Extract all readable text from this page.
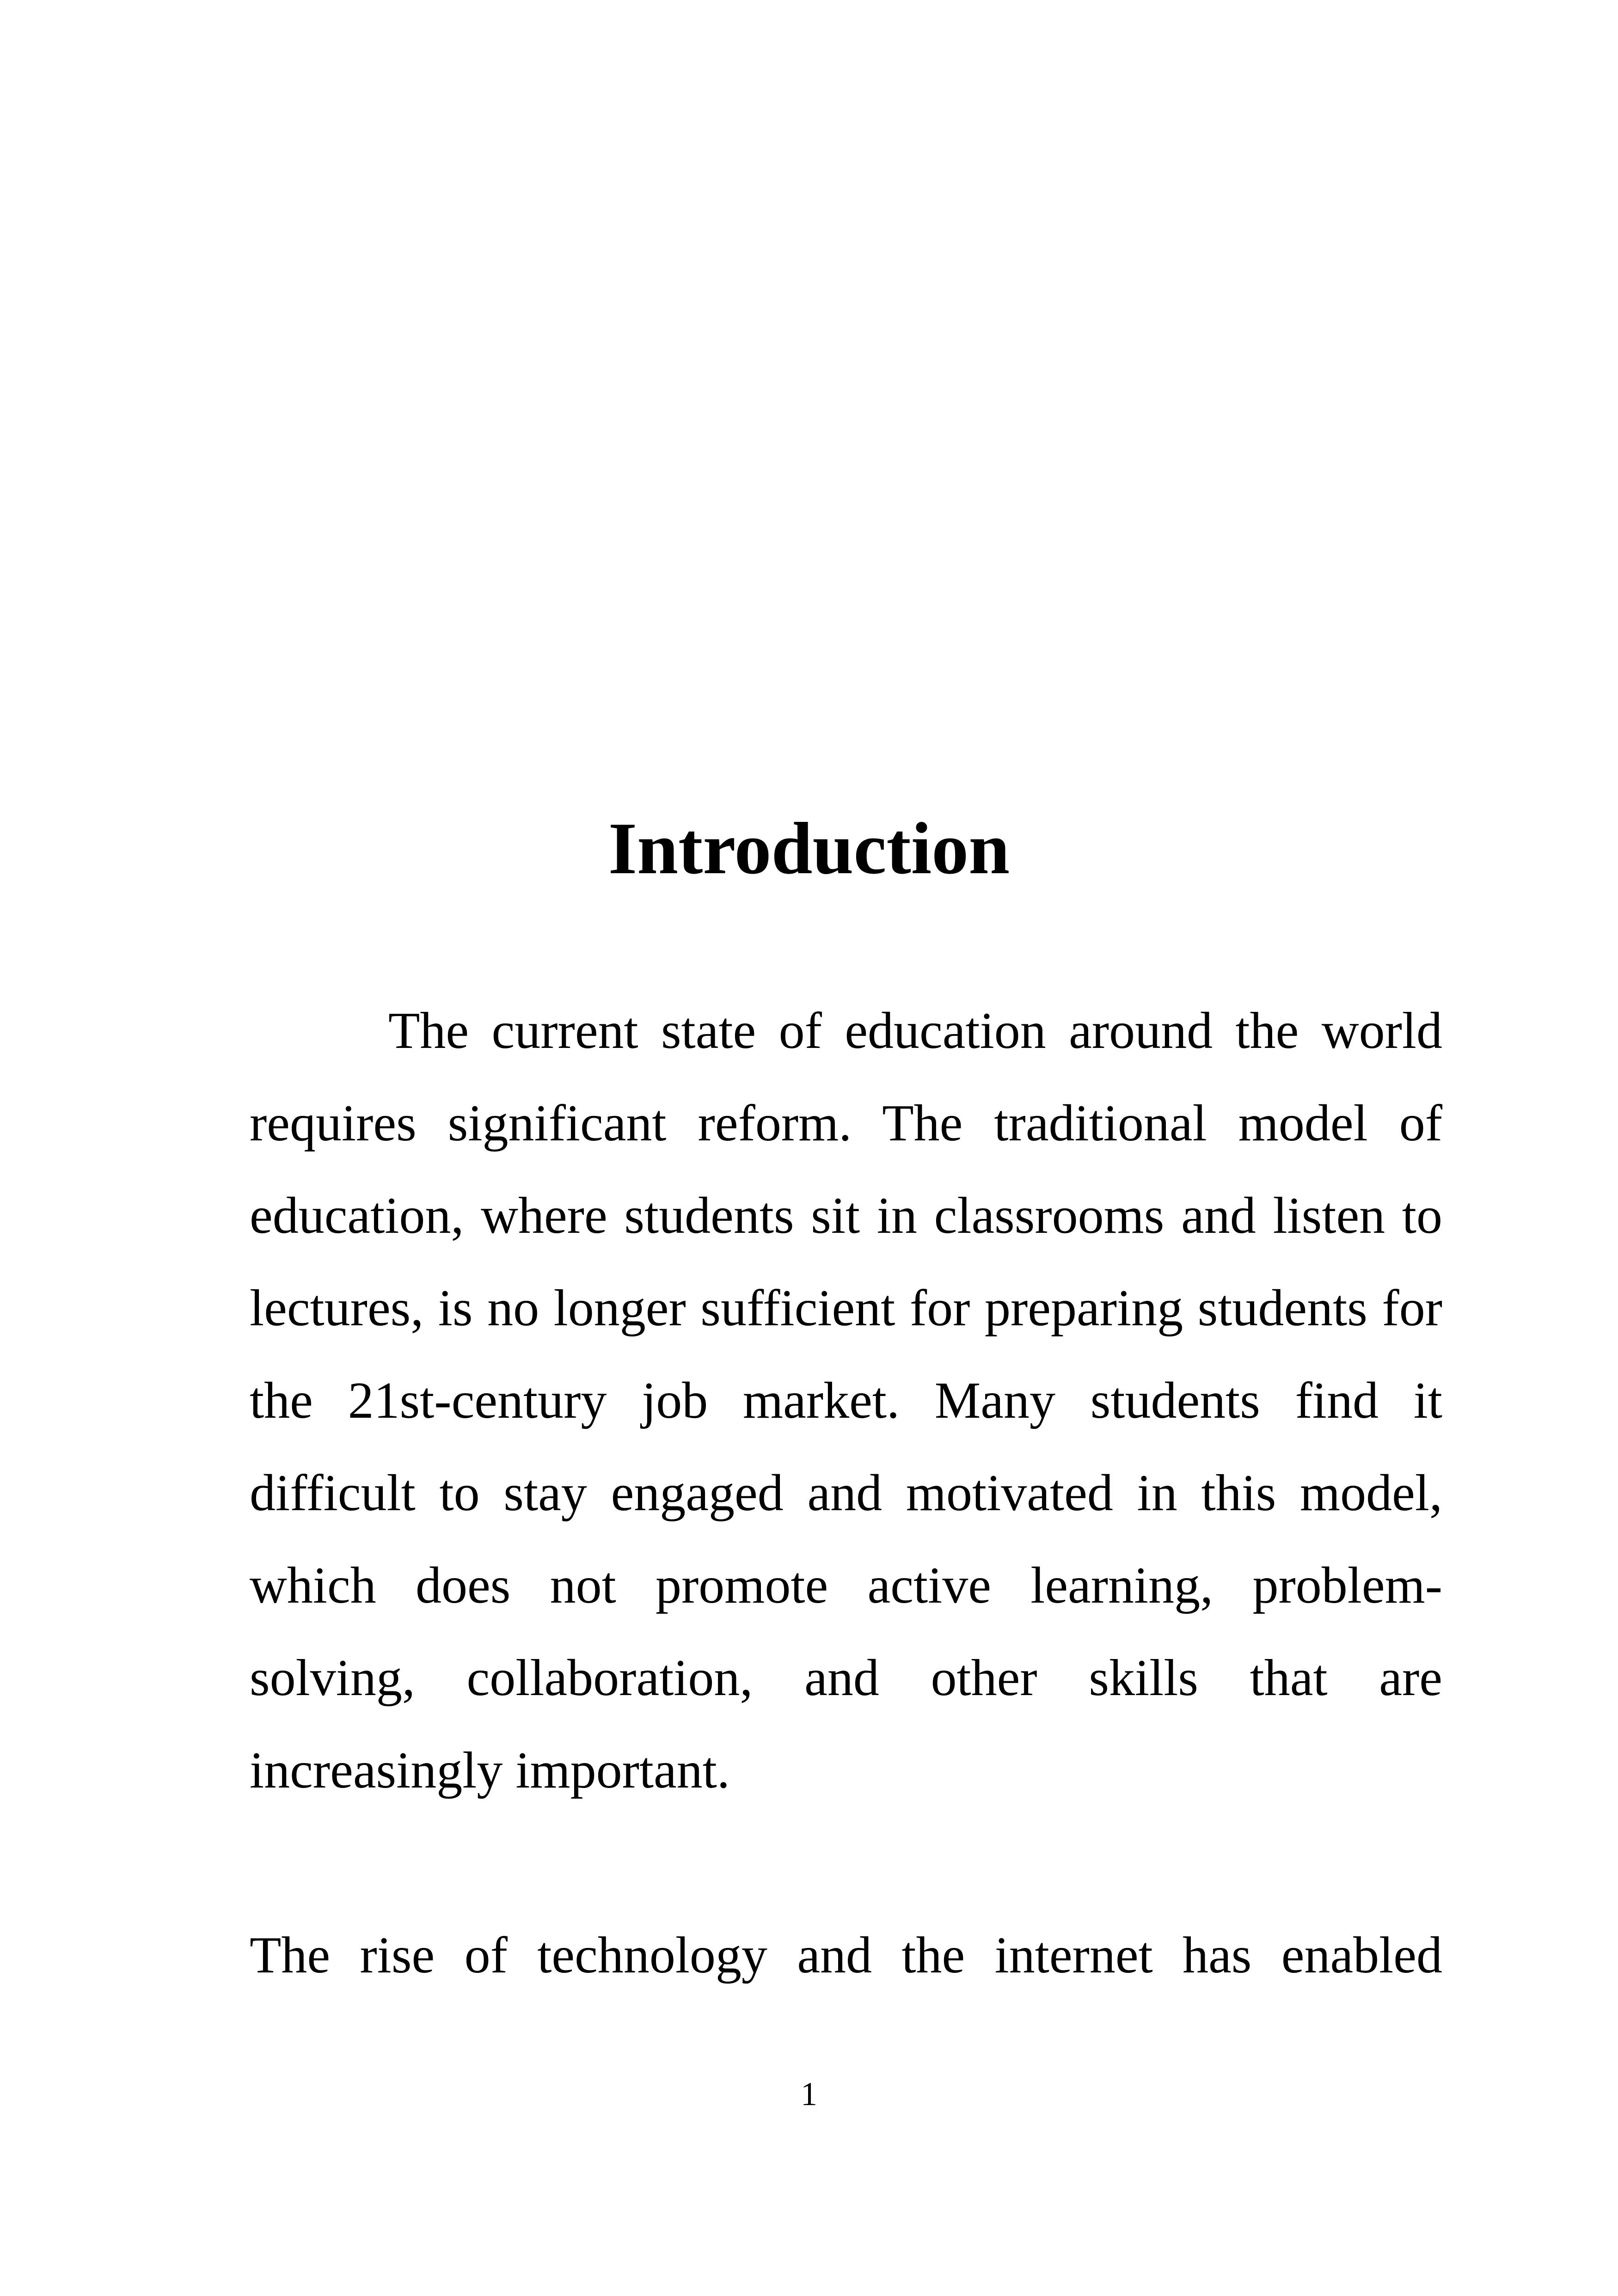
Introduction

The current state of education around the world requires significant reform. The traditional model of education, where students sit in classrooms and listen to lectures, is no longer sufficient for preparing students for the 21st-century job market. Many students find it difficult to stay engaged and motivated in this model, which does not promote active learning, problem-solving, collaboration, and other skills that are increasingly important.

The rise of technology and the internet has enabled

1
